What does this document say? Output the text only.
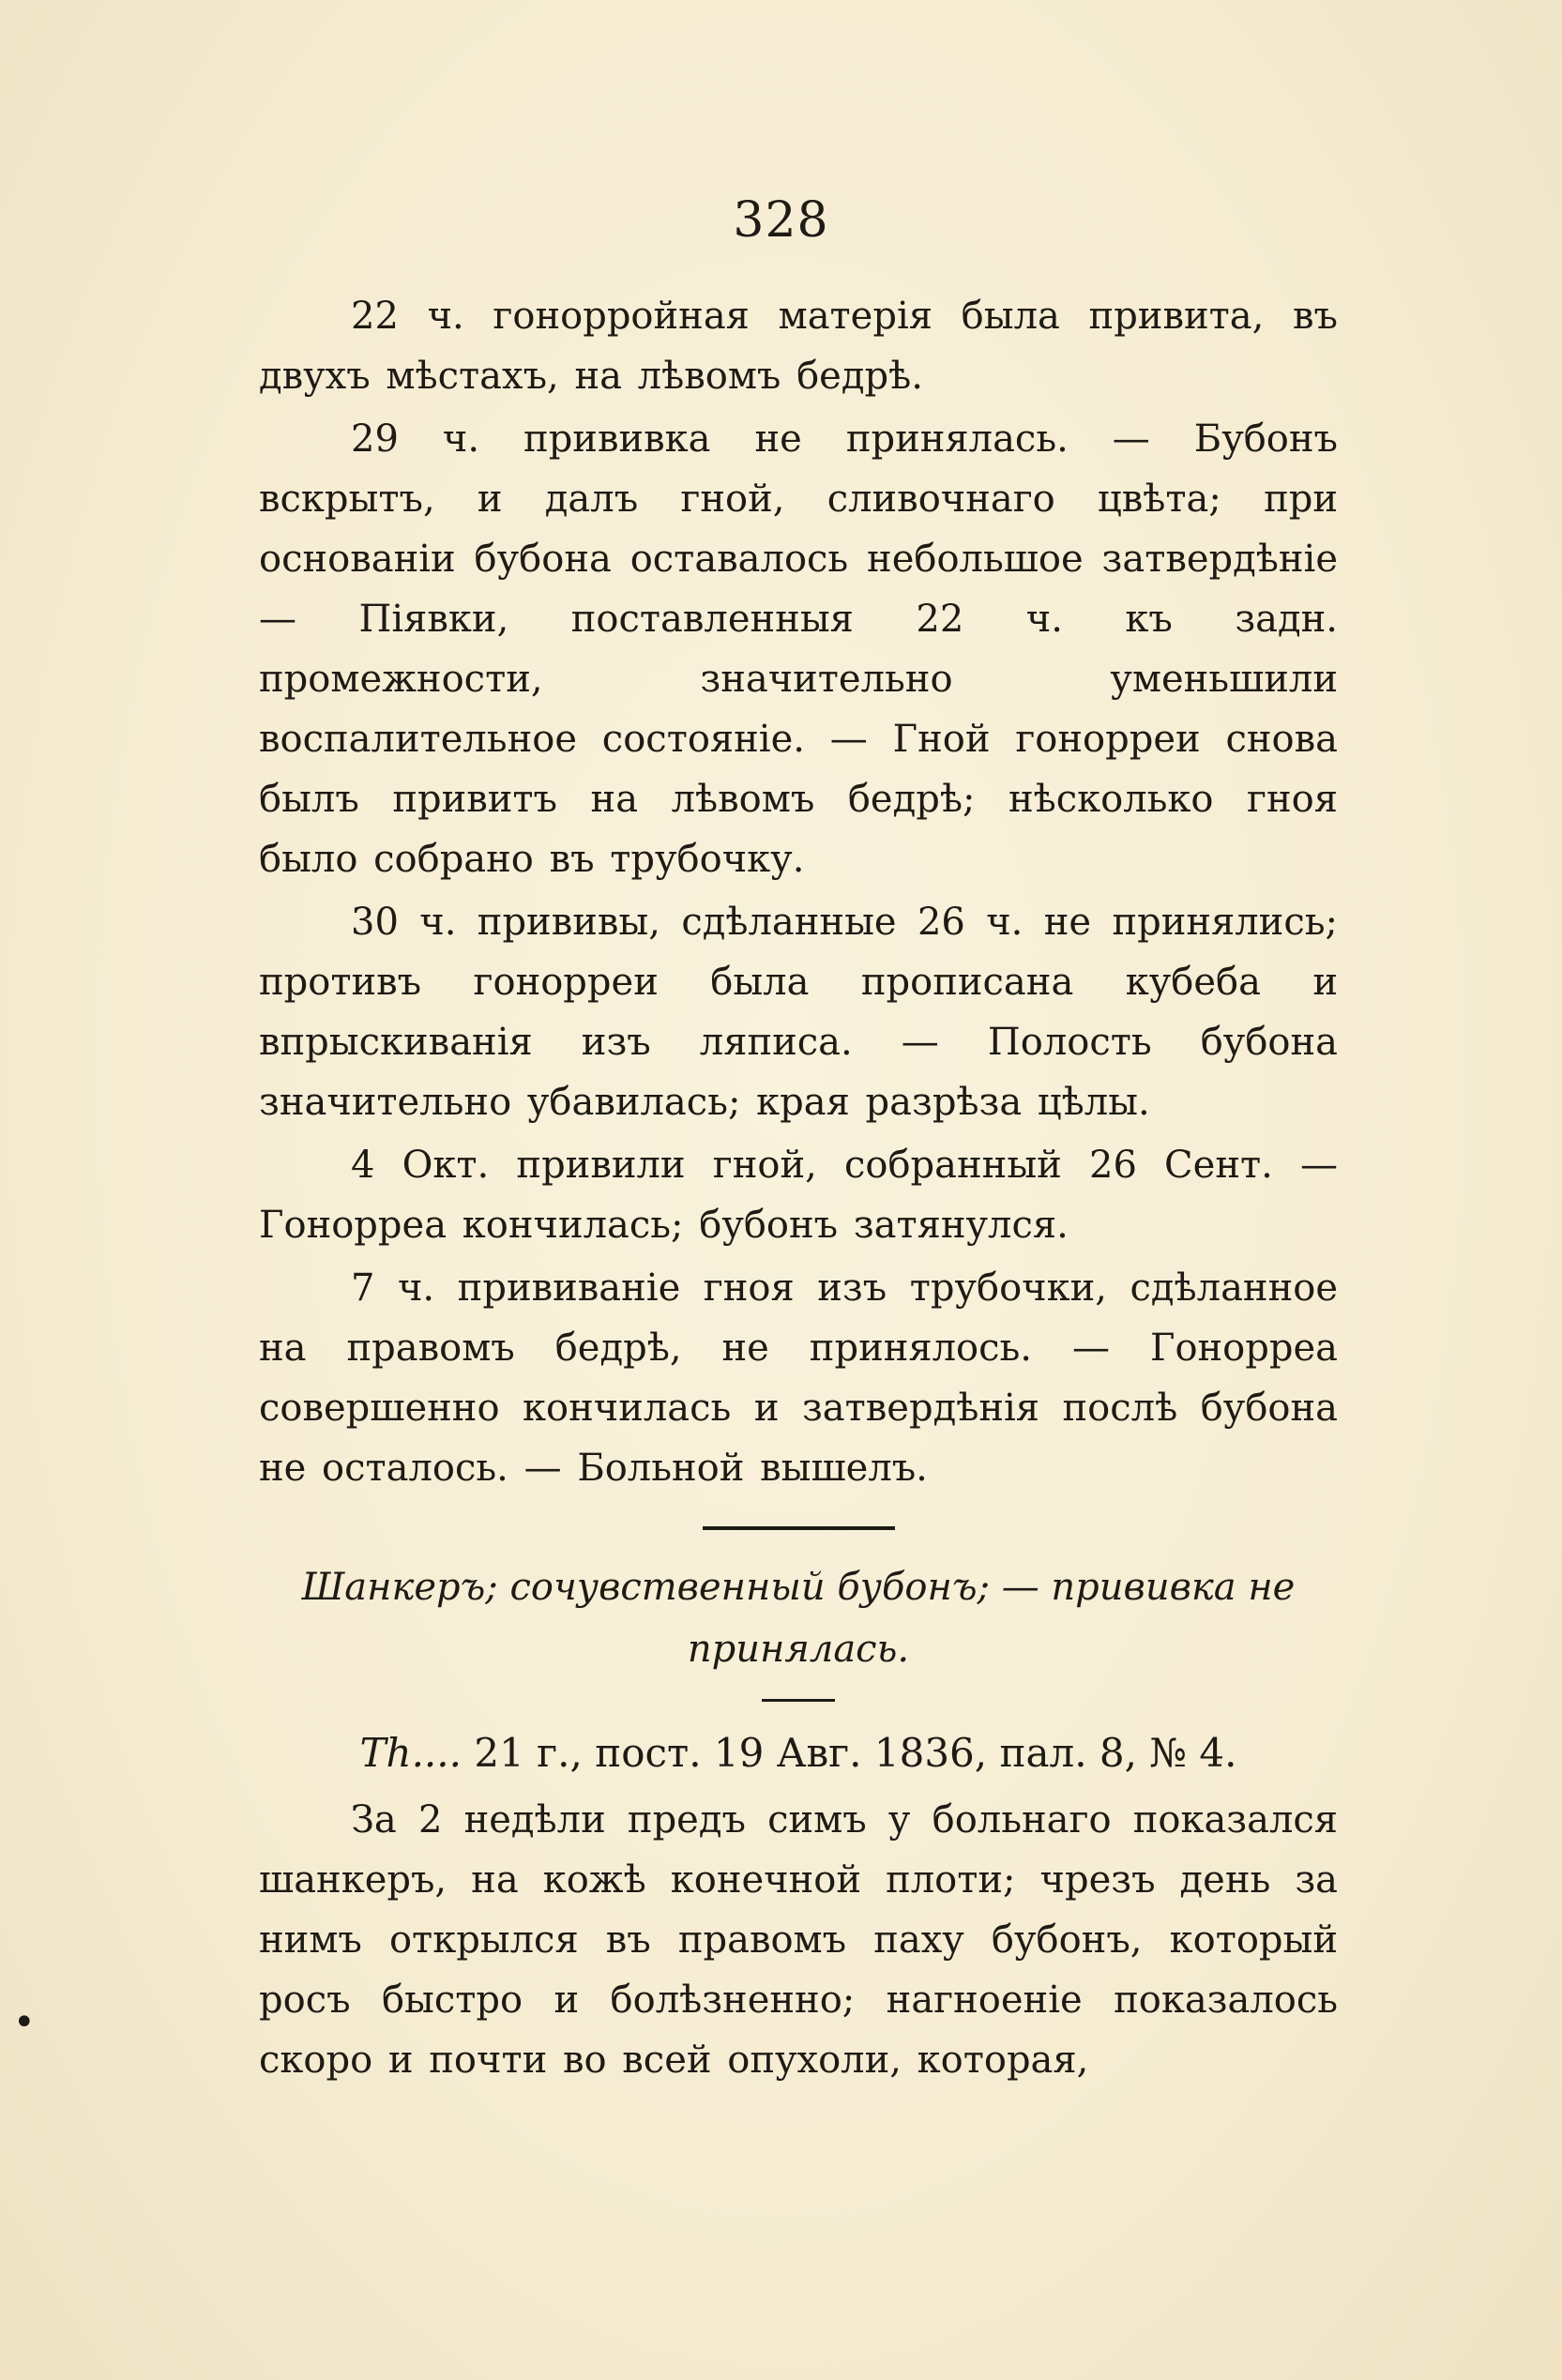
328

22 ч. гонорройная матерія была привита, въ двухъ мѣстахъ, на лѣвомъ бедрѣ.

29 ч. прививка не принялась. — Бубонъ вскрытъ, и далъ гной, сливочнаго цвѣта; при основаніи бубона оставалось небольшое затвердѣніе — Піявки, поставленныя 22 ч. къ задн. промежности, значительно уменьшили воспалительное состояніе. — Гной гонорреи снова былъ привитъ на лѣвомъ бедрѣ; нѣсколько гноя было собрано въ трубочку.

30 ч. прививы, сдѣланные 26 ч. не принялись; противъ гонорреи была прописана кубеба и впрыскиванія изъ ляписа. — Полость бубона значительно убавилась; края разрѣза цѣлы.

4 Окт. привили гной, собранный 26 Сент. — Гонорреа кончилась; бубонъ затянулся.

7 ч. прививаніе гноя изъ трубочки, сдѣланное на правомъ бедрѣ, не принялось. — Гонорреа совершенно кончилась и затвердѣнія послѣ бубона не осталось. — Больной вышелъ.

Шанкеръ; сочувственный бубонъ; — прививка не принялась.

Th.... 21 г., пост. 19 Авг. 1836, пал. 8, № 4.

За 2 недѣли предъ симъ у больнаго показался шанкеръ, на кожѣ конечной плоти; чрезъ день за нимъ открылся въ правомъ паху бубонъ, который росъ быстро и болѣзненно; нагноеніе показалось скоро и почти во всей опухоли, которая,

•
